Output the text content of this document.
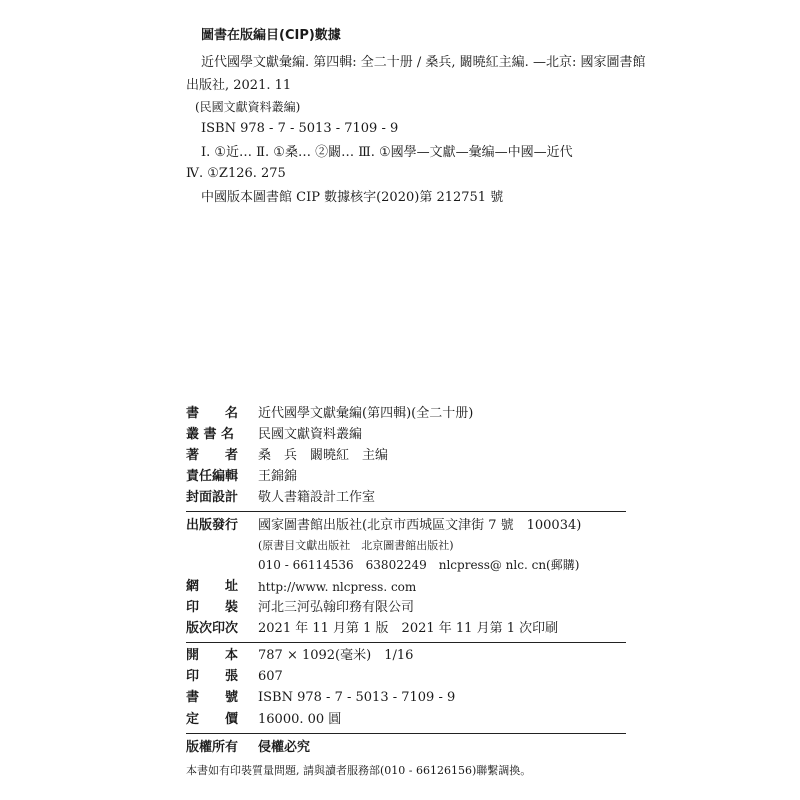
圖書在版編目(CIP)數據
近代國學文獻彙編. 第四輯: 全二十册 / 桑兵, 闞曉紅主編. —北京: 國家圖書館
出版社, 2021. 11
(民國文獻資料叢編)
ISBN 978 - 7 - 5013 - 7109 - 9
Ⅰ. ①近… Ⅱ. ①桑… ②闞… Ⅲ. ①國學—文獻—彙编—中國—近代
Ⅳ. ①Z126. 275
中國版本圖書館 CIP 數據核字(2020)第 212751 號
書　　名 近代國學文獻彙編(第四輯)(全二十册)
叢 書 名 民國文獻資料叢編
著　　者 桑　兵　闞曉紅　主编
責任編輯 王錦錦
封面設計 敬人書籍設計工作室
出版發行 國家圖書館出版社(北京市西城區文津街 7 號　100034)
(原書目文獻出版社　北京圖書館出版社)
010 - 66114536　63802249　nlcpress@ nlc. cn(郵購)
網　　址 http://www. nlcpress. com
印　　裝 河北三河弘翰印務有限公司
版次印次 2021 年 11 月第 1 版　2021 年 11 月第 1 次印刷
開　　本 787 × 1092(毫米)　1/16
印　　張 607
書　　號 ISBN 978 - 7 - 5013 - 7109 - 9
定　　價 16000. 00 圓
版權所有 侵權必究
本書如有印裝質量問題, 請與讀者服務部(010 - 66126156)聯繫調換。
